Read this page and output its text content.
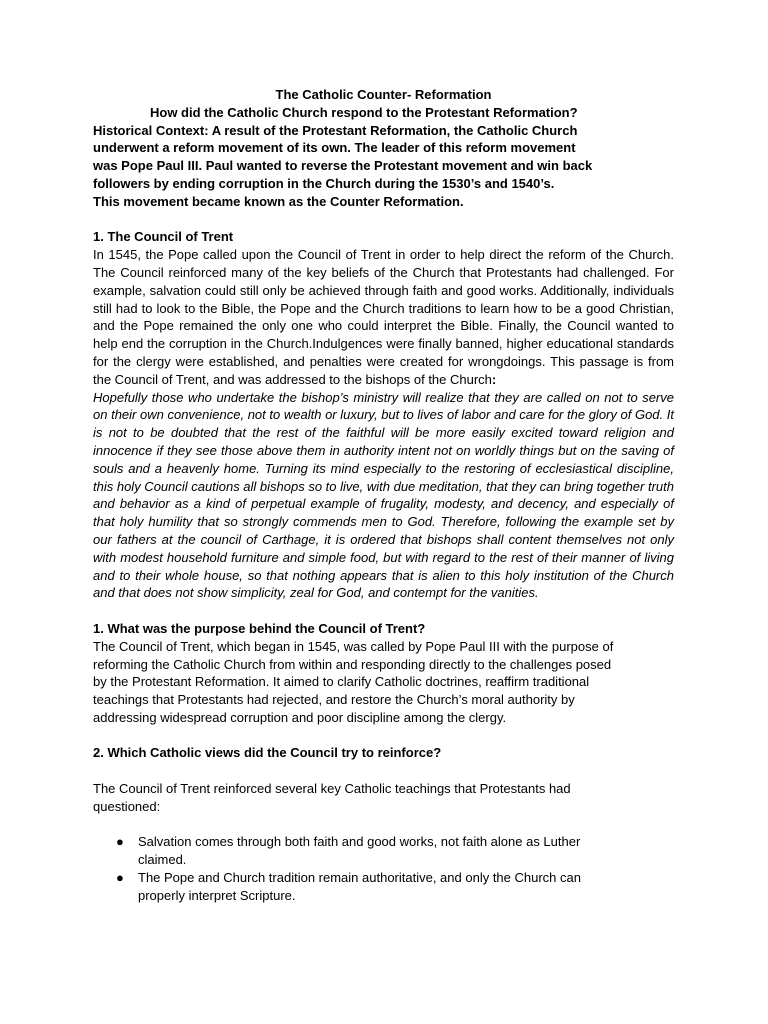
The Catholic Counter- Reformation

How did the Catholic Church respond to the Protestant Reformation?

Historical Context: A result of the Protestant Reformation, the Catholic Church
underwent a reform movement of its own. The leader of this reform movement
was Pope Paul III. Paul wanted to reverse the Protestant movement and win back
followers by ending corruption in the Church during the 1530’s and 1540’s.
This movement became known as the Counter Reformation.
1. The Council of Trent

In 1545, the Pope called upon the Council of Trent in order to help direct the reform of the Church. The Council reinforced many of the key beliefs of the Church that Protestants had challenged. For example, salvation could still only be achieved through faith and good works. Additionally, individuals still had to look to the Bible, the Pope and the Church traditions to learn how to be a good Christian, and the Pope remained the only one who could interpret the Bible. Finally, the Council wanted to help end the corruption in the Church.Indulgences were finally banned, higher educational standards for the clergy were established, and penalties were created for wrongdoings. This passage is from the Council of Trent, and was addressed to the bishops of the Church:

Hopefully those who undertake the bishop’s ministry will realize that they are called on not to serve on their own convenience, not to wealth or luxury, but to lives of labor and care for the glory of God. It is not to be doubted that the rest of the faithful will be more easily excited toward religion and innocence if they see those above them in authority intent not on worldly things but on the saving of souls and a heavenly home. Turning its mind especially to the restoring of ecclesiastical discipline, this holy Council cautions all bishops so to live, with due meditation, that they can bring together truth and behavior as a kind of perpetual example of frugality, modesty, and decency, and especially of that holy humility that so strongly commends men to God. Therefore, following the example set by our fathers at the council of Carthage, it is ordered that bishops shall content themselves not only with modest household furniture and simple food, but with regard to the rest of their manner of living and to their whole house, so that nothing appears that is alien to this holy institution of the Church and that does not show simplicity, zeal for God, and contempt for the vanities.

1. What was the purpose behind the Council of Trent?
The Council of Trent, which began in 1545, was called by Pope Paul III with the purpose of
reforming the Catholic Church from within and responding directly to the challenges posed
by the Protestant Reformation. It aimed to clarify Catholic doctrines, reaffirm traditional
teachings that Protestants had rejected, and restore the Church’s moral authority by
addressing widespread corruption and poor discipline among the clergy.
2. Which Catholic views did the Council try to reinforce?
The Council of Trent reinforced several key Catholic teachings that Protestants had
questioned:
● Salvation comes through both faith and good works, not faith alone as Luther
claimed.
● The Pope and Church tradition remain authoritative, and only the Church can
properly interpret Scripture.
